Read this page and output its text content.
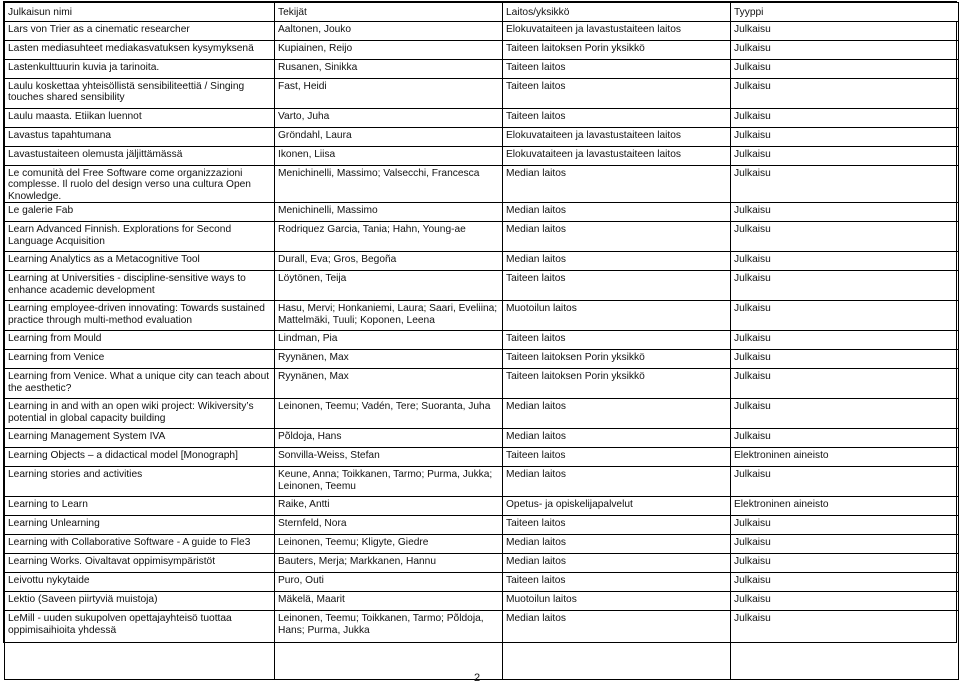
Julkaisun nimi	Tekijät	Laitos/yksikkö	Tyyppi
Lars von Trier as a cinematic researcher	Aaltonen, Jouko	Elokuvataiteen ja lavastustaiteen laitos	Julkaisu
Lasten mediasuhteet mediakasvatuksen kysymyksenä	Kupiainen, Reijo	Taiteen laitoksen Porin yksikkö	Julkaisu
Lastenkulttuurin kuvia ja tarinoita.	Rusanen, Sinikka	Taiteen laitos	Julkaisu
Laulu koskettaa yhteisöllistä sensibiliteettiä / Singing touches shared sensibility	Fast, Heidi	Taiteen laitos	Julkaisu
Laulu maasta. Etiikan luennot	Varto, Juha	Taiteen laitos	Julkaisu
Lavastus tapahtumana	Gröndahl, Laura	Elokuvataiteen ja lavastustaiteen laitos	Julkaisu
Lavastustaiteen olemusta jäljittämässä	Ikonen, Liisa	Elokuvataiteen ja lavastustaiteen laitos	Julkaisu
Le comunità del Free Software come organizzazioni complesse. Il ruolo del design verso una cultura Open Knowledge.	Menichinelli, Massimo; Valsecchi, Francesca	Median laitos	Julkaisu
Le galerie Fab	Menichinelli, Massimo	Median laitos	Julkaisu
Learn Advanced Finnish. Explorations for Second Language Acquisition	Rodriquez Garcia, Tania; Hahn, Young-ae	Median laitos	Julkaisu
Learning Analytics as a Metacognitive Tool	Durall, Eva; Gros, Begoña	Median laitos	Julkaisu
Learning at Universities - discipline-sensitive ways to enhance academic development	Löytönen, Teija	Taiteen laitos	Julkaisu
Learning employee-driven innovating: Towards sustained practice through multi-method evaluation	Hasu, Mervi; Honkaniemi, Laura; Saari, Eveliina; Mattelmäki, Tuuli; Koponen, Leena	Muotoilun laitos	Julkaisu
Learning from Mould	Lindman, Pia	Taiteen laitos	Julkaisu
Learning from Venice	Ryynänen, Max	Taiteen laitoksen Porin yksikkö	Julkaisu
Learning from Venice. What a unique city can teach about the aesthetic?	Ryynänen, Max	Taiteen laitoksen Porin yksikkö	Julkaisu
Learning in and with an open wiki project: Wikiversity’s potential in global capacity building	Leinonen, Teemu; Vadén, Tere; Suoranta, Juha	Median laitos	Julkaisu
Learning Management System IVA	Põldoja, Hans	Median laitos	Julkaisu
Learning Objects – a didactical model [Monograph]	Sonvilla-Weiss, Stefan	Taiteen laitos	Elektroninen aineisto
Learning stories and activities	Keune, Anna; Toikkanen, Tarmo; Purma, Jukka; Leinonen, Teemu	Median laitos	Julkaisu
Learning to Learn	Raike, Antti	Opetus- ja opiskelijapalvelut	Elektroninen aineisto
Learning Unlearning	Sternfeld, Nora	Taiteen laitos	Julkaisu
Learning with Collaborative Software - A guide to Fle3	Leinonen, Teemu; Kligyte, Giedre	Median laitos	Julkaisu
Learning Works. Oivaltavat oppimisympäristöt	Bauters, Merja; Markkanen, Hannu	Median laitos	Julkaisu
Leivottu nykytaide	Puro, Outi	Taiteen laitos	Julkaisu
Lektio (Saveen piirtyviä muistoja)	Mäkelä, Maarit	Muotoilun laitos	Julkaisu
LeMill - uuden sukupolven opettajayhteisö tuottaa oppimisaihioita yhdessä	Leinonen, Teemu; Toikkanen, Tarmo; Põldoja, Hans; Purma, Jukka	Median laitos	Julkaisu
2
